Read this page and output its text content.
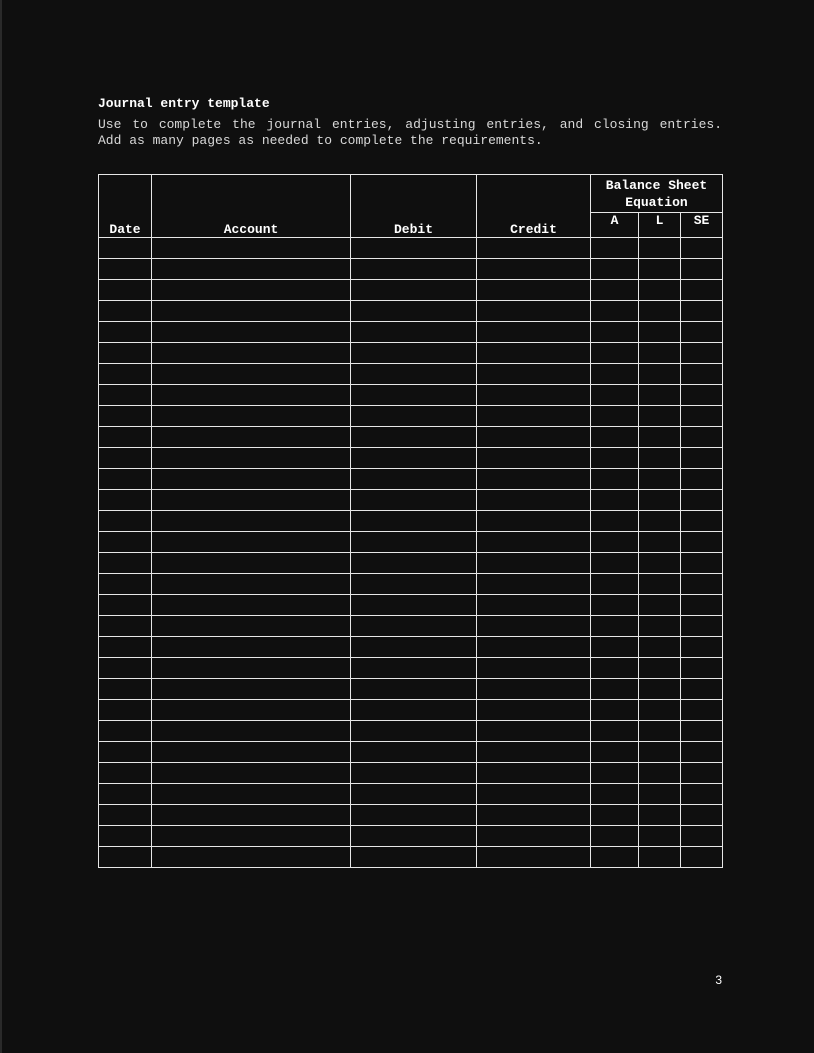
Journal entry template

Use to complete the journal entries, adjusting entries, and closing entries. Add as many pages as needed to complete the requirements.

Date	Account	Debit	Credit	Balance Sheet Equation		
				A	L	SE

3
